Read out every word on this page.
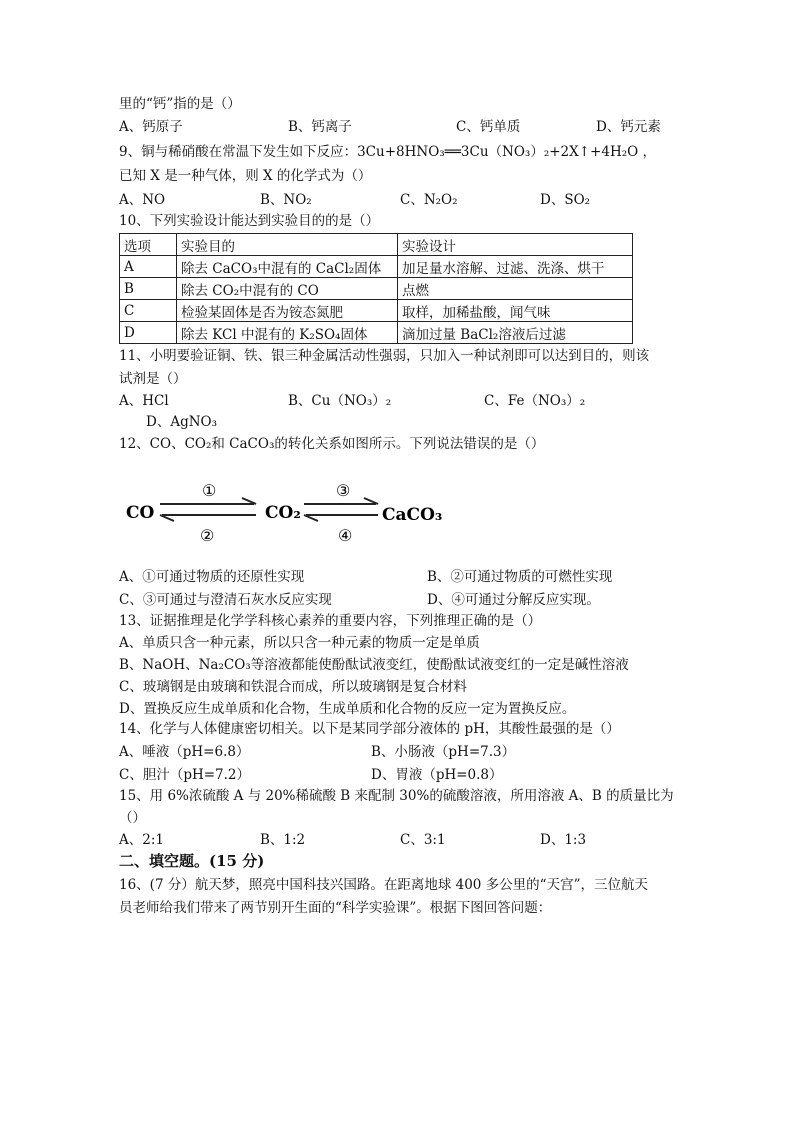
里的“钙”指的是（）
A、钙原子	B、钙离子	C、钙单质	D、钙元素
9、铜与稀硝酸在常温下发生如下反应：3Cu+8HNO₃══3Cu（NO₃）₂+2X↑+4H₂O ，
已知 X 是一种气体，则 X 的化学式为（）
A、NO	B、NO₂	C、N₂O₂	D、SO₂
10、下列实验设计能达到实验目的的是（）
选项	实验目的	实验设计
A	除去 CaCO₃中混有的 CaCl₂固体	加足量水溶解、过滤、洗涤、烘干
B	除去 CO₂中混有的 CO	点燃
C	检验某固体是否为铵态氮肥	取样，加稀盐酸，闻气味
D	除去 KCl 中混有的 K₂SO₄固体	滴加过量 BaCl₂溶液后过滤
11、小明要验证铜、铁、银三种金属活动性强弱，只加入一种试剂即可以达到目的，则该
试剂是（）
A、HCl	B、Cu（NO₃）₂	C、Fe（NO₃）₂
D、AgNO₃
12、CO、CO₂和 CaCO₃的转化关系如图所示。下列说法错误的是（）
CO	CO₂	CaCO₃
①
②
③
④
A、①可通过物质的还原性实现	B、②可通过物质的可燃性实现
C、③可通过与澄清石灰水反应实现	D、④可通过分解反应实现。
13、证据推理是化学学科核心素养的重要内容，下列推理正确的是（）
A、单质只含一种元素，所以只含一种元素的物质一定是单质
B、NaOH、Na₂CO₃等溶液都能使酚酞试液变红，使酚酞试液变红的一定是碱性溶液
C、玻璃钢是由玻璃和铁混合而成，所以玻璃钢是复合材料
D、置换反应生成单质和化合物，生成单质和化合物的反应一定为置换反应。
14、化学与人体健康密切相关。以下是某同学部分液体的 pH，其酸性最强的是（）
A、唾液（pH=6.8）	B、小肠液（pH=7.3）
C、胆汁（pH=7.2）	D、胃液（pH=0.8）
15、用 6%浓硫酸 A 与 20%稀硫酸 B 来配制 30%的硫酸溶液，所用溶液 A、B 的质量比为
（）
A、2:1	B、1:2	C、3:1	D、1:3
二、填空题。(15 分)
16、(7 分）航天梦，照亮中国科技兴国路。在距离地球 400 多公里的“天宫”，三位航天
员老师给我们带来了两节别开生面的“科学实验课”。根据下图回答问题：
